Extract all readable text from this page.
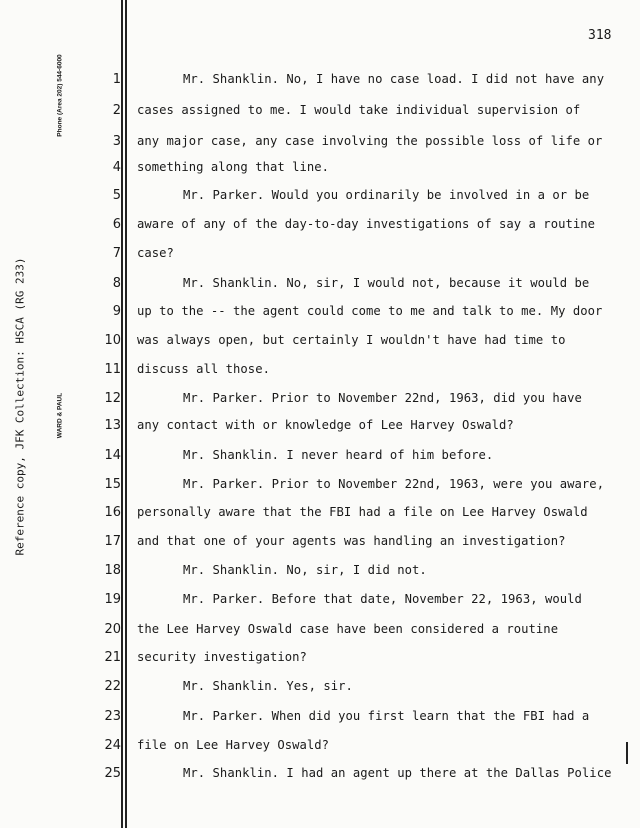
318
Phone (Area 202) 544-6000
Reference copy, JFK Collection: HSCA (RG 233)	WARD & PAUL
1	Mr. Shanklin. No, I have no case load. I did not have any
2 cases assigned to me. I would take individual supervision of
3 any major case, any case involving the possible loss of life or
4 something along that line.
5	Mr. Parker. Would you ordinarily be involved in a or be
6 aware of any of the day-to-day investigations of say a routine
7 case?
8	Mr. Shanklin. No, sir, I would not, because it would be
9 up to the -- the agent could come to me and talk to me. My door
10 was always open, but certainly I wouldn't have had time to
11 discuss all those.
12	Mr. Parker. Prior to November 22nd, 1963, did you have
13 any contact with or knowledge of Lee Harvey Oswald?
14	Mr. Shanklin. I never heard of him before.
15	Mr. Parker. Prior to November 22nd, 1963, were you aware,
16 personally aware that the FBI had a file on Lee Harvey Oswald
17 and that one of your agents was handling an investigation?
18	Mr. Shanklin. No, sir, I did not.
19	Mr. Parker. Before that date, November 22, 1963, would
20 the Lee Harvey Oswald case have been considered a routine
21 security investigation?
22	Mr. Shanklin. Yes, sir.
23	Mr. Parker. When did you first learn that the FBI had a
24 file on Lee Harvey Oswald?
25	Mr. Shanklin. I had an agent up there at the Dallas Police
